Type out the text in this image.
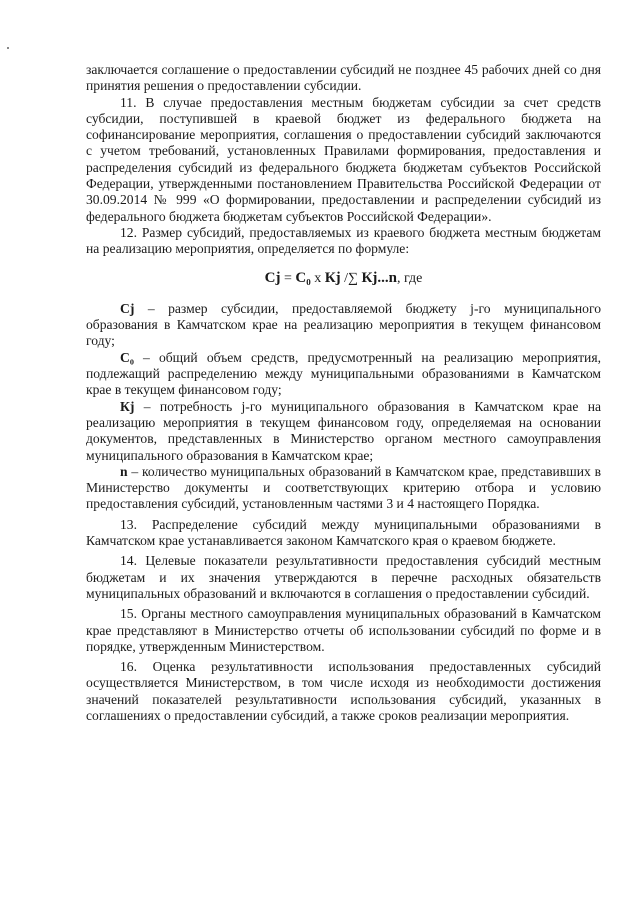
заключается соглашение о предоставлении субсидий не позднее 45 рабочих дней со дня принятия решения о предоставлении субсидии.

11. В случае предоставления местным бюджетам субсидии за счет средств субсидии, поступившей в краевой бюджет из федерального бюджета на софинансирование мероприятия, соглашения о предоставлении субсидий заключаются с учетом требований, установленных Правилами формирования, предоставления и распределения субсидий из федерального бюджета бюджетам субъектов Российской Федерации, утвержденными постановлением Правительства Российской Федерации от 30.09.2014 № 999 «О формировании, предоставлении и распределении субсидий из федерального бюджета бюджетам субъектов Российской Федерации».

12. Размер субсидий, предоставляемых из краевого бюджета местным бюджетам на реализацию мероприятия, определяется по формуле:

Сj = С₀ x Кj /∑ Кj...n, где

Сj – размер субсидии, предоставляемой бюджету j-го муниципального образования в Камчатском крае на реализацию мероприятия в текущем финансовом году;

С₀ – общий объем средств, предусмотренный на реализацию мероприятия, подлежащий распределению между муниципальными образованиями в Камчатском крае в текущем финансовом году;

Кj – потребность j-го муниципального образования в Камчатском крае на реализацию мероприятия в текущем финансовом году, определяемая на основании документов, представленных в Министерство органом местного самоуправления муниципального образования в Камчатском крае;

n – количество муниципальных образований в Камчатском крае, представивших в Министерство документы и соответствующих критерию отбора и условию предоставления субсидий, установленным частями 3 и 4 настоящего Порядка.

13. Распределение субсидий между муниципальными образованиями в Камчатском крае устанавливается законом Камчатского края о краевом бюджете.

14. Целевые показатели результативности предоставления субсидий местным бюджетам и их значения утверждаются в перечне расходных обязательств муниципальных образований и включаются в соглашения о предоставлении субсидий.

15. Органы местного самоуправления муниципальных образований в Камчатском крае представляют в Министерство отчеты об использовании субсидий по форме и в порядке, утвержденным Министерством.

16. Оценка результативности использования предоставленных субсидий осуществляется Министерством, в том числе исходя из необходимости достижения значений показателей результативности использования субсидий, указанных в соглашениях о предоставлении субсидий, а также сроков реализации мероприятия.
